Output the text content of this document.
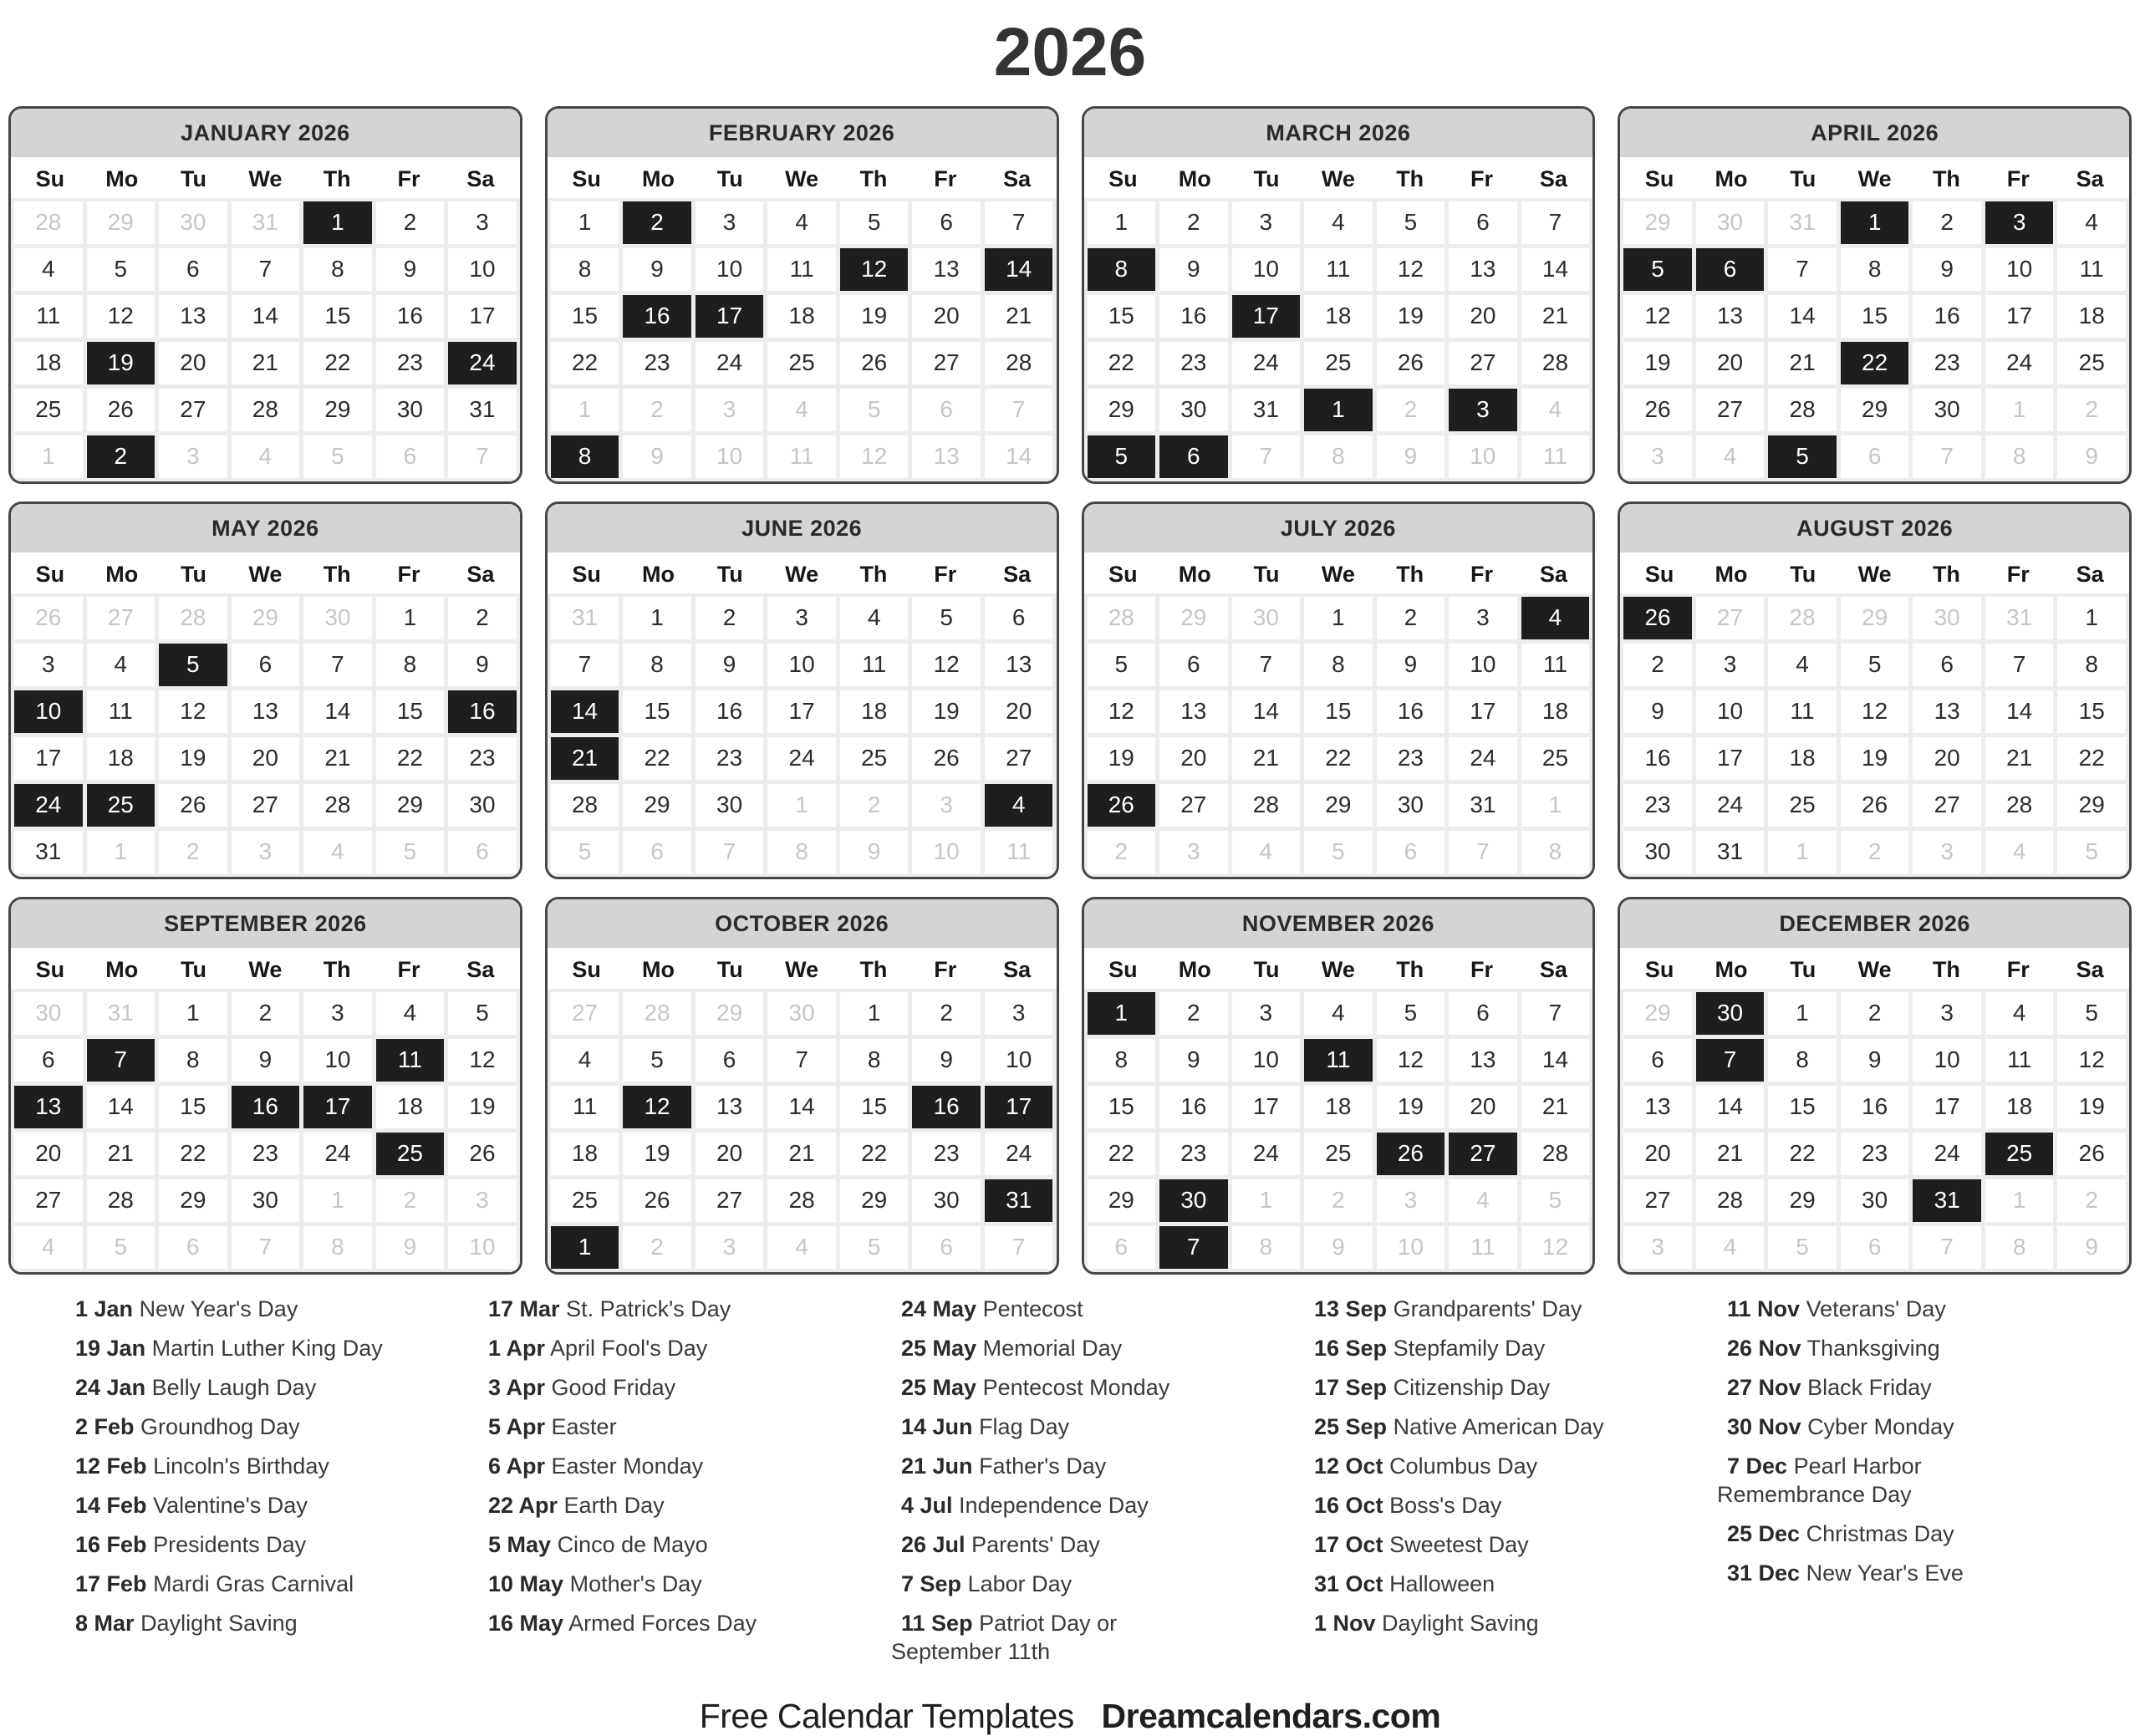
2026
JANUARY 2026
Su	Mo	Tu	We	Th	Fr	Sa
28	29	30	31	1	2	3
4	5	6	7	8	9	10
11	12	13	14	15	16	17
18	19	20	21	22	23	24
25	26	27	28	29	30	31
1	2	3	4	5	6	7
FEBRUARY 2026
Su	Mo	Tu	We	Th	Fr	Sa
1	2	3	4	5	6	7
8	9	10	11	12	13	14
15	16	17	18	19	20	21
22	23	24	25	26	27	28
1	2	3	4	5	6	7
8	9	10	11	12	13	14
MARCH 2026
Su	Mo	Tu	We	Th	Fr	Sa
1	2	3	4	5	6	7
8	9	10	11	12	13	14
15	16	17	18	19	20	21
22	23	24	25	26	27	28
29	30	31	1	2	3	4
5	6	7	8	9	10	11
APRIL 2026
Su	Mo	Tu	We	Th	Fr	Sa
29	30	31	1	2	3	4
5	6	7	8	9	10	11
12	13	14	15	16	17	18
19	20	21	22	23	24	25
26	27	28	29	30	1	2
3	4	5	6	7	8	9
MAY 2026
Su	Mo	Tu	We	Th	Fr	Sa
26	27	28	29	30	1	2
3	4	5	6	7	8	9
10	11	12	13	14	15	16
17	18	19	20	21	22	23
24	25	26	27	28	29	30
31	1	2	3	4	5	6
JUNE 2026
Su	Mo	Tu	We	Th	Fr	Sa
31	1	2	3	4	5	6
7	8	9	10	11	12	13
14	15	16	17	18	19	20
21	22	23	24	25	26	27
28	29	30	1	2	3	4
5	6	7	8	9	10	11
JULY 2026
Su	Mo	Tu	We	Th	Fr	Sa
28	29	30	1	2	3	4
5	6	7	8	9	10	11
12	13	14	15	16	17	18
19	20	21	22	23	24	25
26	27	28	29	30	31	1
2	3	4	5	6	7	8
AUGUST 2026
Su	Mo	Tu	We	Th	Fr	Sa
26	27	28	29	30	31	1
2	3	4	5	6	7	8
9	10	11	12	13	14	15
16	17	18	19	20	21	22
23	24	25	26	27	28	29
30	31	1	2	3	4	5
SEPTEMBER 2026
Su	Mo	Tu	We	Th	Fr	Sa
30	31	1	2	3	4	5
6	7	8	9	10	11	12
13	14	15	16	17	18	19
20	21	22	23	24	25	26
27	28	29	30	1	2	3
4	5	6	7	8	9	10
OCTOBER 2026
Su	Mo	Tu	We	Th	Fr	Sa
27	28	29	30	1	2	3
4	5	6	7	8	9	10
11	12	13	14	15	16	17
18	19	20	21	22	23	24
25	26	27	28	29	30	31
1	2	3	4	5	6	7
NOVEMBER 2026
Su	Mo	Tu	We	Th	Fr	Sa
1	2	3	4	5	6	7
8	9	10	11	12	13	14
15	16	17	18	19	20	21
22	23	24	25	26	27	28
29	30	1	2	3	4	5
6	7	8	9	10	11	12
DECEMBER 2026
Su	Mo	Tu	We	Th	Fr	Sa
29	30	1	2	3	4	5
6	7	8	9	10	11	12
13	14	15	16	17	18	19
20	21	22	23	24	25	26
27	28	29	30	31	1	2
3	4	5	6	7	8	9
1 Jan New Year's Day
19 Jan Martin Luther King Day
24 Jan Belly Laugh Day
2 Feb Groundhog Day
12 Feb Lincoln's Birthday
14 Feb Valentine's Day
16 Feb Presidents Day
17 Feb Mardi Gras Carnival
8 Mar Daylight Saving
17 Mar St. Patrick's Day
1 Apr April Fool's Day
3 Apr Good Friday
5 Apr Easter
6 Apr Easter Monday
22 Apr Earth Day
5 May Cinco de Mayo
10 May Mother's Day
16 May Armed Forces Day
24 May Pentecost
25 May Memorial Day
25 May Pentecost Monday
14 Jun Flag Day
21 Jun Father's Day
4 Jul Independence Day
26 Jul Parents' Day
7 Sep Labor Day
11 Sep Patriot Day or September 11th
13 Sep Grandparents' Day
16 Sep Stepfamily Day
17 Sep Citizenship Day
25 Sep Native American Day
12 Oct Columbus Day
16 Oct Boss's Day
17 Oct Sweetest Day
31 Oct Halloween
1 Nov Daylight Saving
11 Nov Veterans' Day
26 Nov Thanksgiving
27 Nov Black Friday
30 Nov Cyber Monday
7 Dec Pearl Harbor Remembrance Day
25 Dec Christmas Day
31 Dec New Year's Eve
Free Calendar Templates Dreamcalendars.com
